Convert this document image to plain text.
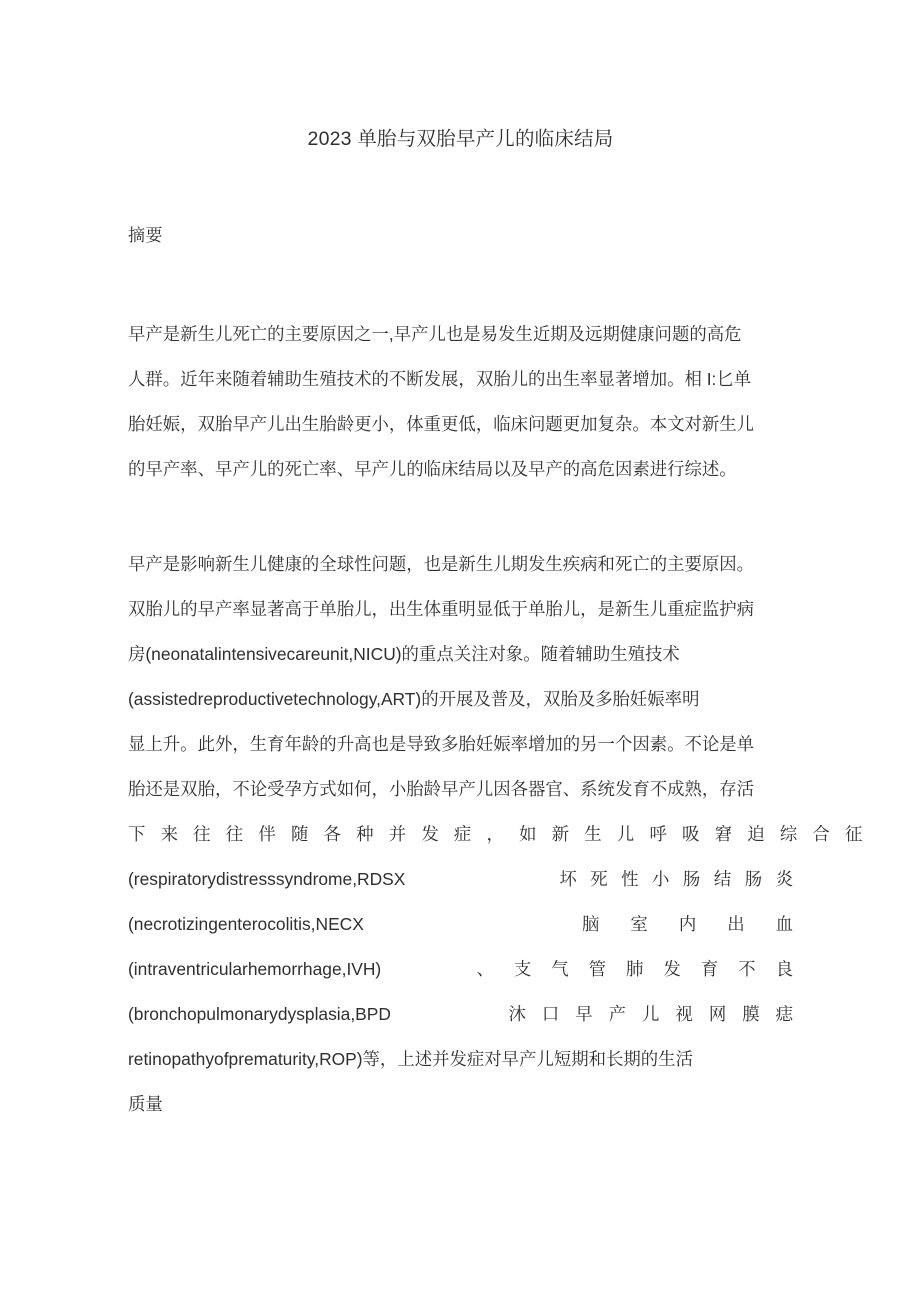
2023 单胎与双胎早产儿的临床结局
摘要
早产是新生儿死亡的主要原因之一,早产儿也是易发生近期及远期健康问题的高危
人群。近年来随着辅助生殖技术的不断发展，双胎儿的出生率显著增加。相 I:匕单
胎妊娠，双胎早产儿出生胎龄更小，体重更低，临床问题更加复杂。本文对新生儿
的早产率、早产儿的死亡率、早产儿的临床结局以及早产的高危因素进行综述。
早产是影响新生儿健康的全球性问题，也是新生儿期发生疾病和死亡的主要原因。
双胎儿的早产率显著高于单胎儿，出生体重明显低于单胎儿，是新生儿重症监护病
房(neonatalintensivecareunit,NICU)的重点关注对象。随着辅助生殖技术
(assistedreproductivetechnology,ART)的开展及普及，双胎及多胎妊娠率明
显上升。此外，生育年龄的升高也是导致多胎妊娠率增加的另一个因素。不论是单
胎还是双胎，不论受孕方式如何，小胎龄早产儿因各器官、系统发育不成熟，存活
下来往往伴随各种并发症，如新生儿呼吸窘迫综合征
(respiratorydistresssyndrome,RDSX	坏死性小肠结肠炎
(necrotizingenterocolitis,NECX	脑室内出血
(intraventricularhemorrhage,IVH)	、支气管肺发育不良
(bronchopulmonarydysplasia,BPD	沐口早产儿视网膜痣
retinopathyofprematurity,ROP)等，上述并发症对早产儿短期和长期的生活
质量
